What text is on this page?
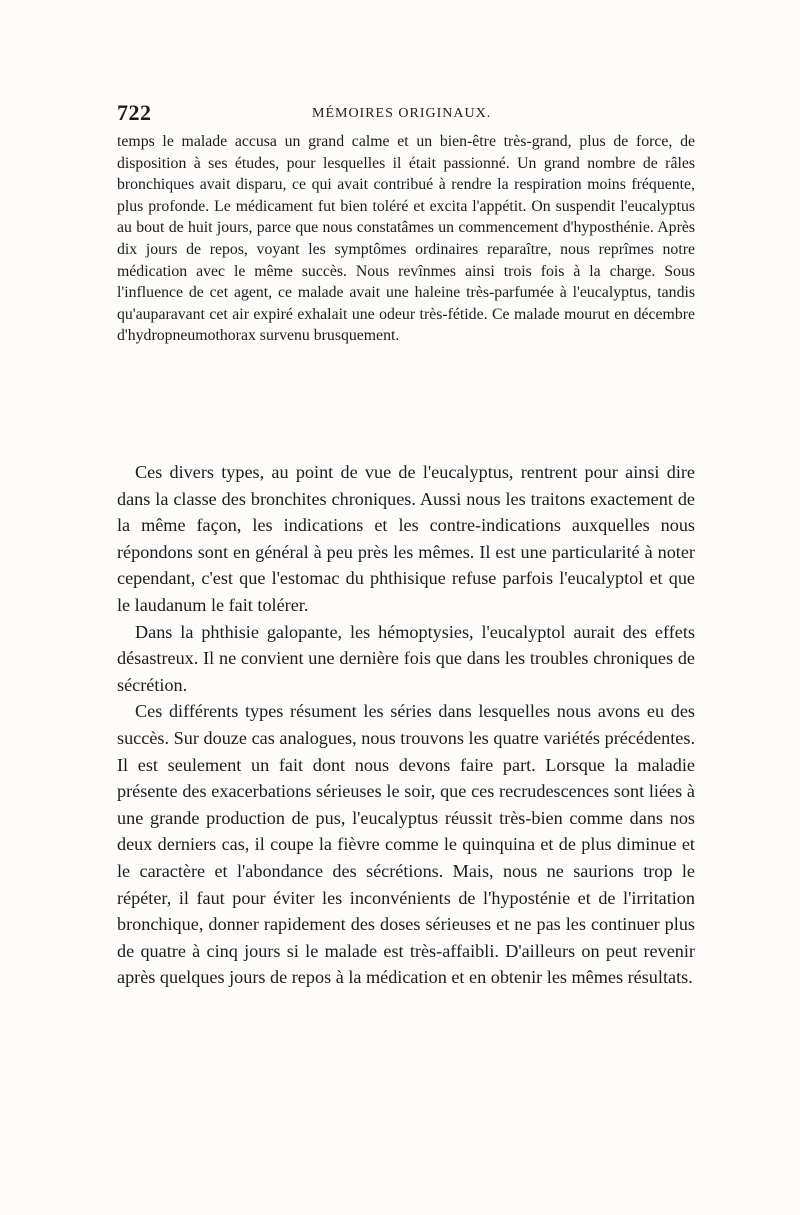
722	MÉMOIRES ORIGINAUX.

temps le malade accusa un grand calme et un bien-être très-grand, plus de force, de disposition à ses études, pour lesquelles il était passionné. Un grand nombre de râles bronchiques avait disparu, ce qui avait contribué à rendre la respiration moins fréquente, plus profonde. Le médicament fut bien toléré et excita l'appétit. On suspendit l'eucalyptus au bout de huit jours, parce que nous constatâmes un commencement d'hyposthénie. Après dix jours de repos, voyant les symptômes ordinaires reparaître, nous reprîmes notre médication avec le même succès. Nous revînmes ainsi trois fois à la charge. Sous l'influence de cet agent, ce malade avait une haleine très-parfumée à l'eucalyptus, tandis qu'auparavant cet air expiré exhalait une odeur très-fétide. Ce malade mourut en décembre d'hydropneumothorax survenu brusquement.

Ces divers types, au point de vue de l'eucalyptus, rentrent pour ainsi dire dans la classe des bronchites chroniques. Aussi nous les traitons exactement de la même façon, les indications et les contre-indications auxquelles nous répondons sont en général à peu près les mêmes. Il est une particularité à noter cependant, c'est que l'estomac du phthisique refuse parfois l'eucalyptol et que le laudanum le fait tolérer.

Dans la phthisie galopante, les hémoptysies, l'eucalyptol aurait des effets désastreux. Il ne convient une dernière fois que dans les troubles chroniques de sécrétion.

Ces différents types résument les séries dans lesquelles nous avons eu des succès. Sur douze cas analogues, nous trouvons les quatre variétés précédentes. Il est seulement un fait dont nous devons faire part. Lorsque la maladie présente des exacerbations sérieuses le soir, que ces recrudescences sont liées à une grande production de pus, l'eucalyptus réussit très-bien comme dans nos deux derniers cas, il coupe la fièvre comme le quinquina et de plus diminue et le caractère et l'abondance des sécrétions. Mais, nous ne saurions trop le répéter, il faut pour éviter les inconvénients de l'hyposténie et de l'irritation bronchique, donner rapidement des doses sérieuses et ne pas les continuer plus de quatre à cinq jours si le malade est très-affaibli. D'ailleurs on peut revenir après quelques jours de repos à la médication et en obtenir les mêmes résultats.
